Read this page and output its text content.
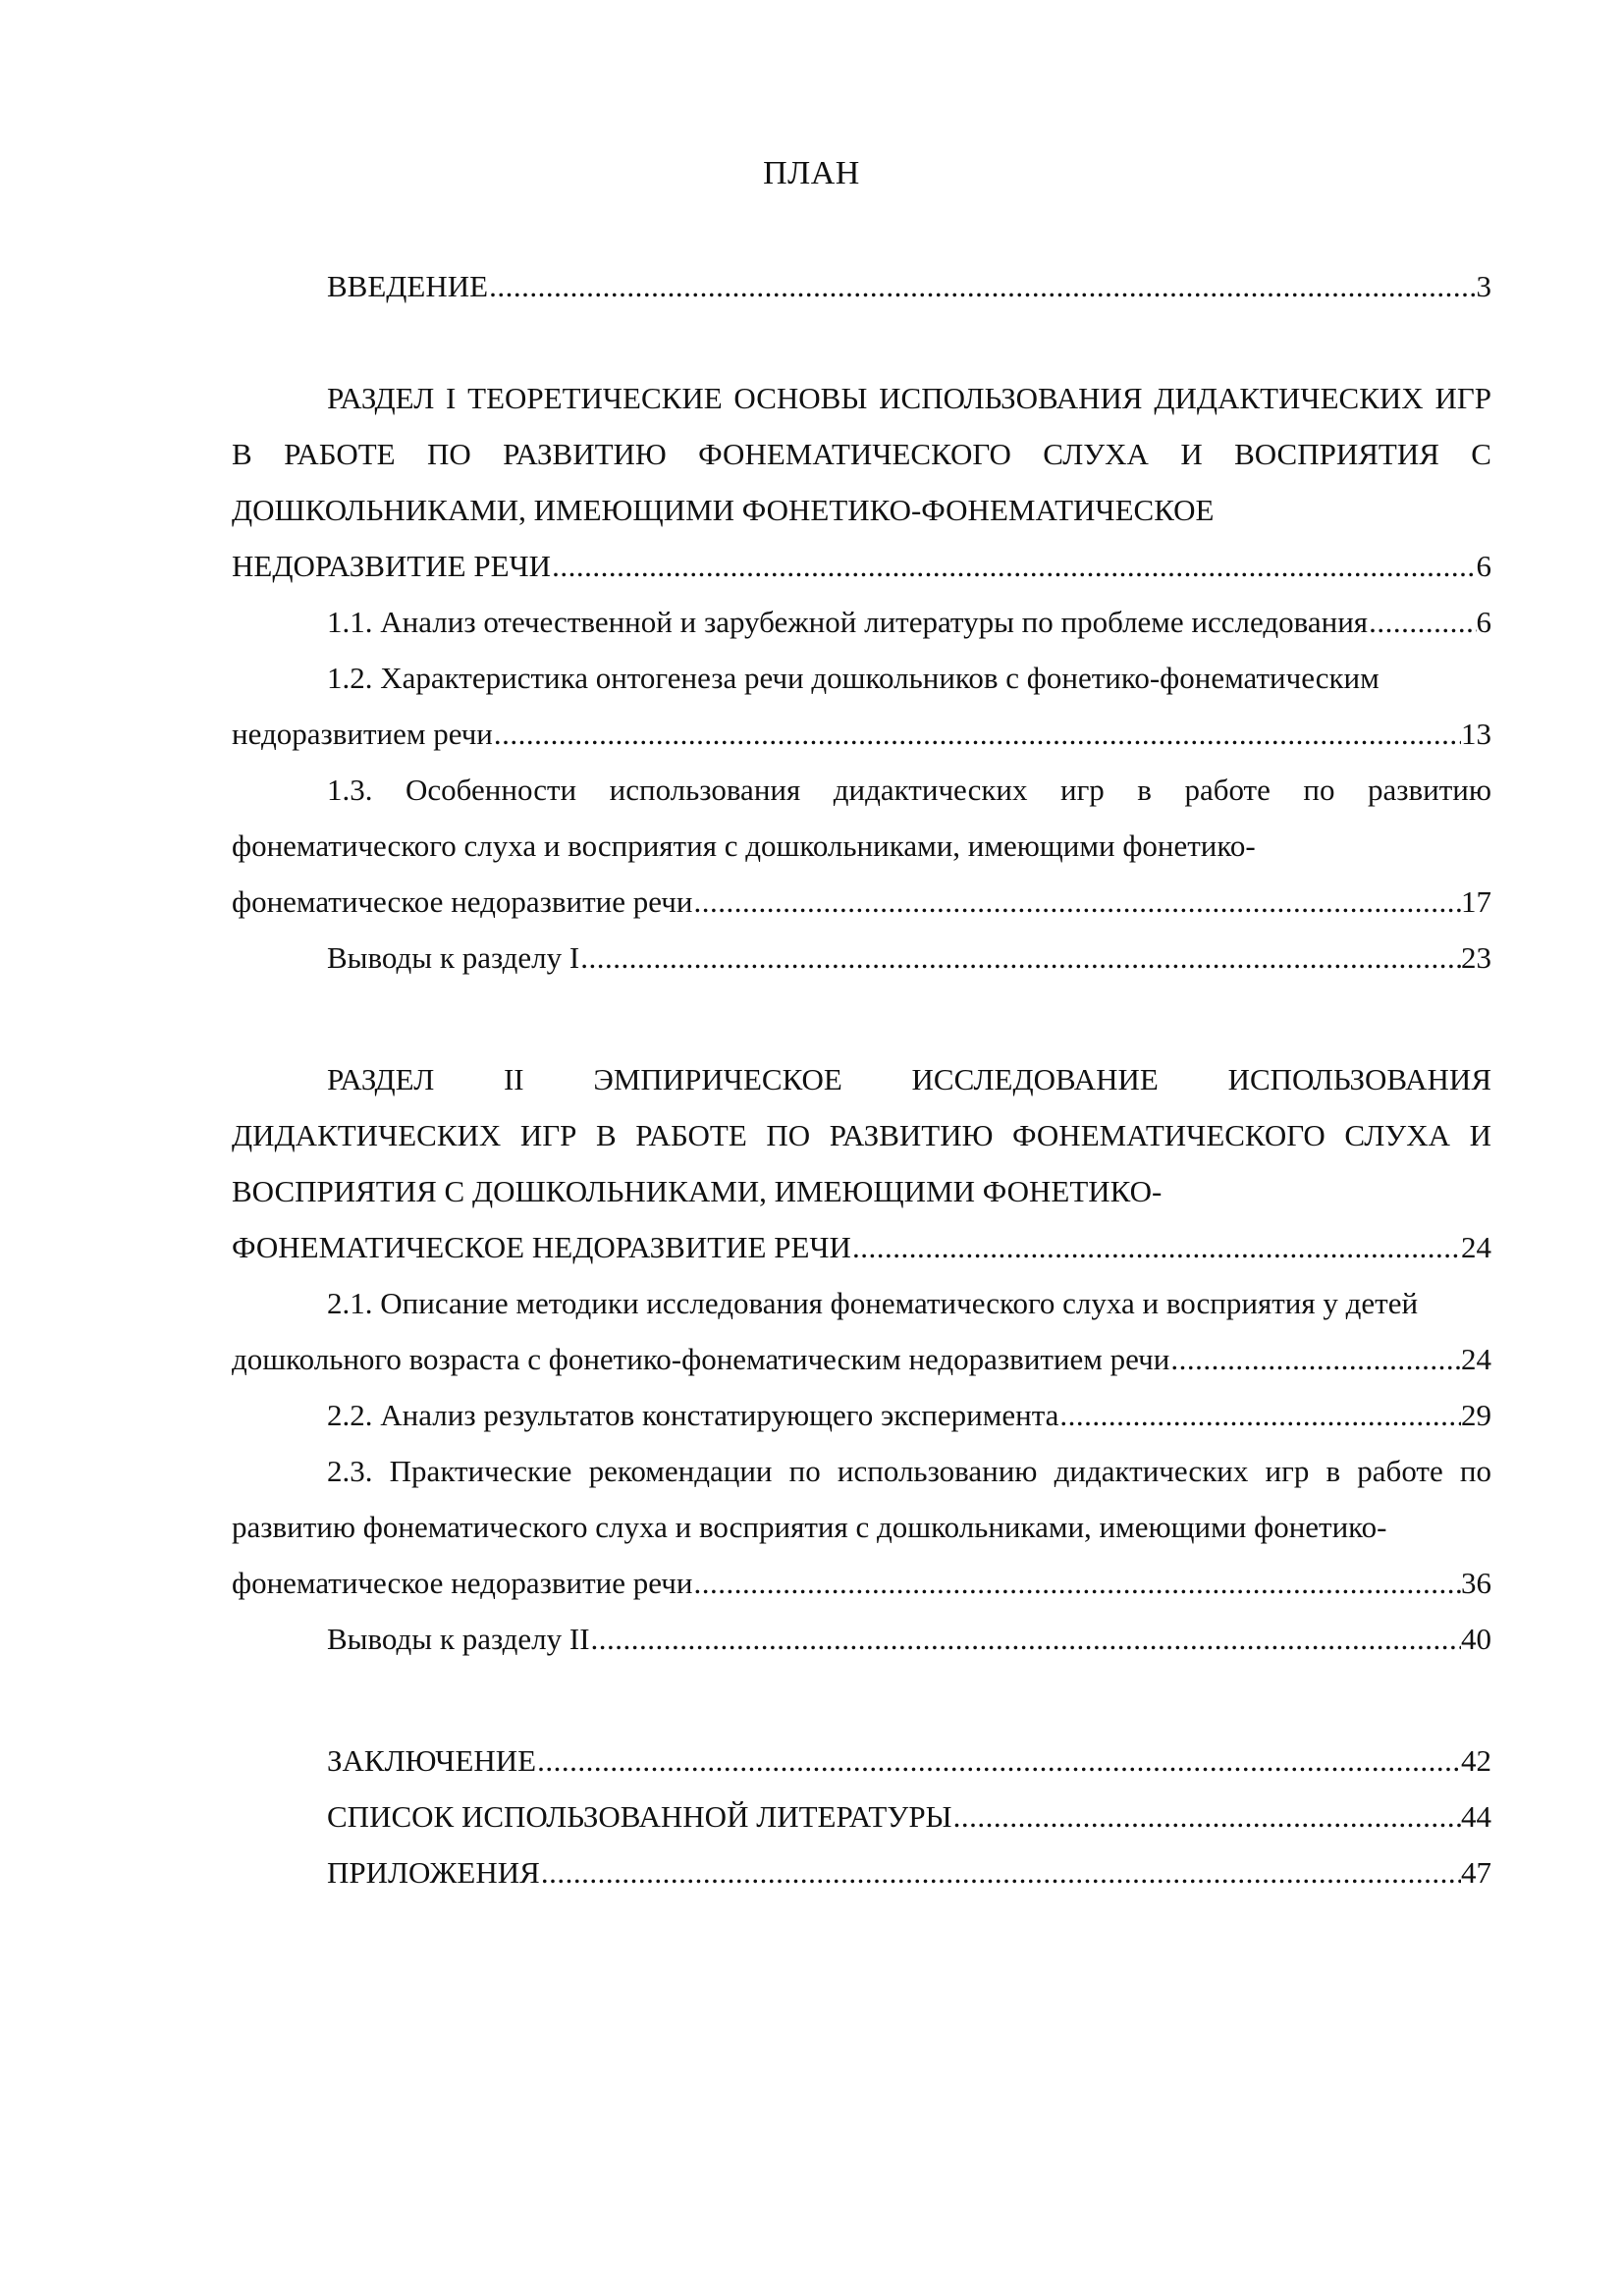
ПЛАН
ВВЕДЕНИЕ .....	3

РАЗДЕЛ I ТЕОРЕТИЧЕСКИЕ ОСНОВЫ ИСПОЛЬЗОВАНИЯ ДИДАКТИЧЕСКИХ ИГР В РАБОТЕ ПО РАЗВИТИЮ ФОНЕМАТИЧЕСКОГО СЛУХА И ВОСПРИЯТИЯ С ДОШКОЛЬНИКАМИ, ИМЕЮЩИМИ ФОНЕТИКО-ФОНЕМАТИЧЕСКОЕ

НЕДОРАЗВИТИЕ РЕЧИ .....	6
1.1. Анализ отечественной и зарубежной литературы по проблеме исследования .....	6

1.2. Характеристика онтогенеза речи дошкольников с фонетико-фонематическим

недоразвитием речи .....	13

1.3. Особенности использования дидактических игр в работе по развитию фонематического слуха и восприятия с дошкольниками, имеющими фонетико-

фонематическое недоразвитие речи .....	17
Выводы к разделу I .....	23

РАЗДЕЛ II ЭМПИРИЧЕСКОЕ ИССЛЕДОВАНИЕ ИСПОЛЬЗОВАНИЯ ДИДАКТИЧЕСКИХ ИГР В РАБОТЕ ПО РАЗВИТИЮ ФОНЕМАТИЧЕСКОГО СЛУХА И ВОСПРИЯТИЯ С ДОШКОЛЬНИКАМИ, ИМЕЮЩИМИ ФОНЕТИКО-

ФОНЕМАТИЧЕСКОЕ НЕДОРАЗВИТИЕ РЕЧИ .....	24

2.1. Описание методики исследования фонематического слуха и восприятия у детей

дошкольного возраста с фонетико-фонематическим недоразвитием речи .....	24
2.2. Анализ результатов констатирующего эксперимента .....	29

2.3. Практические рекомендации по использованию дидактических игр в работе по развитию фонематического слуха и восприятия с дошкольниками, имеющими фонетико-

фонематическое недоразвитие речи .....	36
Выводы к разделу II .....	40
ЗАКЛЮЧЕНИЕ .....	42
СПИСОК ИСПОЛЬЗОВАННОЙ ЛИТЕРАТУРЫ .....	44
ПРИЛОЖЕНИЯ .....	47
